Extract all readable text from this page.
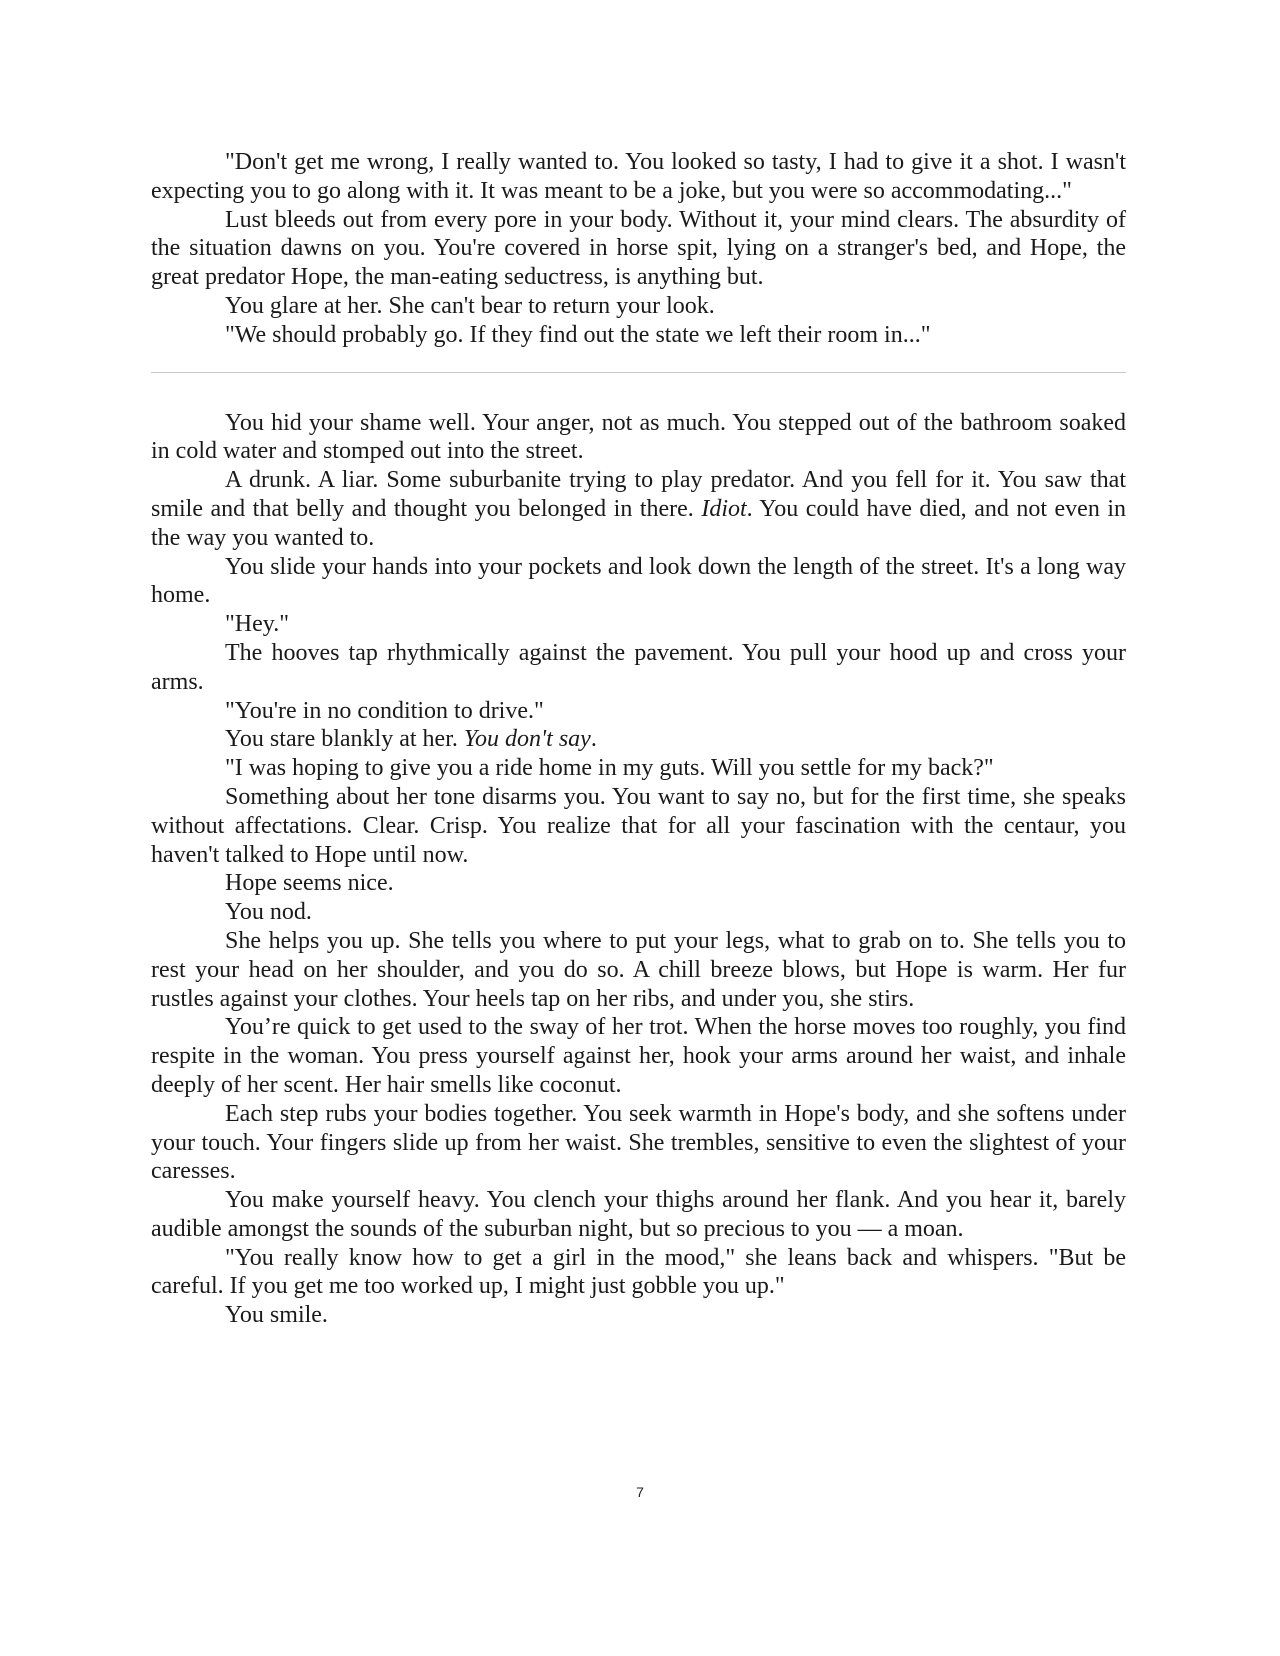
"Don't get me wrong, I really wanted to. You looked so tasty, I had to give it a shot. I wasn't expecting you to go along with it. It was meant to be a joke, but you were so accommodating..."

Lust bleeds out from every pore in your body. Without it, your mind clears. The absurdity of the situation dawns on you. You're covered in horse spit, lying on a stranger's bed, and Hope, the great predator Hope, the man-eating seductress, is anything but.

You glare at her. She can't bear to return your look.

"We should probably go. If they find out the state we left their room in..."

You hid your shame well. Your anger, not as much. You stepped out of the bathroom soaked in cold water and stomped out into the street.

A drunk. A liar. Some suburbanite trying to play predator. And you fell for it. You saw that smile and that belly and thought you belonged in there. Idiot. You could have died, and not even in the way you wanted to.

You slide your hands into your pockets and look down the length of the street. It's a long way home.

"Hey."

The hooves tap rhythmically against the pavement. You pull your hood up and cross your arms.

"You're in no condition to drive."

You stare blankly at her. You don't say.

"I was hoping to give you a ride home in my guts. Will you settle for my back?"

Something about her tone disarms you. You want to say no, but for the first time, she speaks without affectations. Clear. Crisp. You realize that for all your fascination with the centaur, you haven't talked to Hope until now.

Hope seems nice.

You nod.

She helps you up. She tells you where to put your legs, what to grab on to. She tells you to rest your head on her shoulder, and you do so. A chill breeze blows, but Hope is warm. Her fur rustles against your clothes. Your heels tap on her ribs, and under you, she stirs.

You’re quick to get used to the sway of her trot. When the horse moves too roughly, you find respite in the woman. You press yourself against her, hook your arms around her waist, and inhale deeply of her scent. Her hair smells like coconut.

Each step rubs your bodies together. You seek warmth in Hope's body, and she softens under your touch. Your fingers slide up from her waist. She trembles, sensitive to even the slightest of your caresses.

You make yourself heavy. You clench your thighs around her flank. And you hear it, barely audible amongst the sounds of the suburban night, but so precious to you — a moan.

"You really know how to get a girl in the mood," she leans back and whispers. "But be careful. If you get me too worked up, I might just gobble you up."

You smile.

7
